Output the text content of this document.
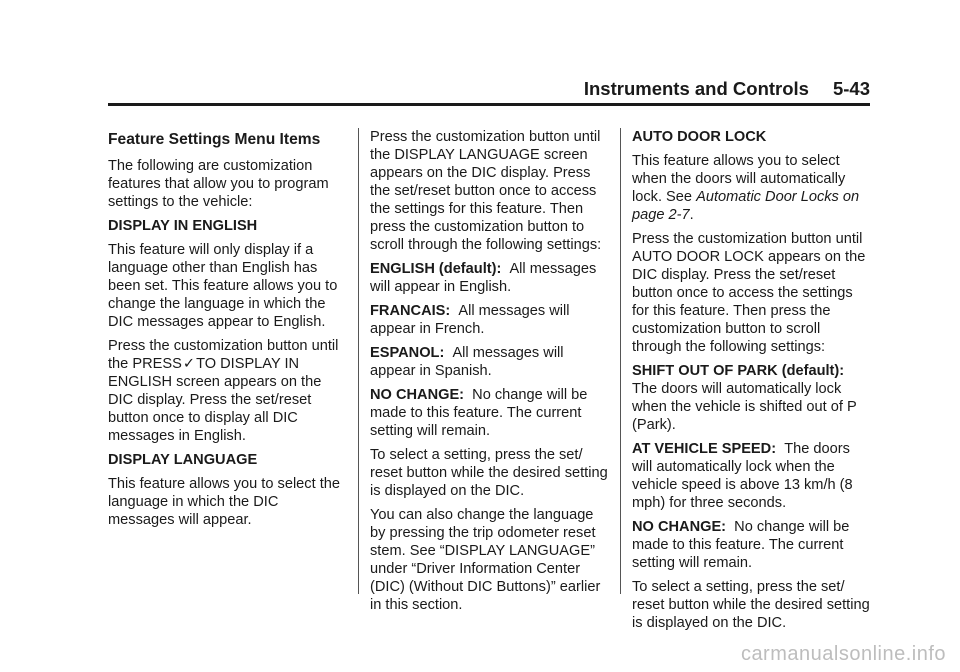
Instruments and Controls 5-43
Feature Settings Menu Items

The following are customization features that allow you to program settings to the vehicle:

DISPLAY IN ENGLISH

This feature will only display if a language other than English has been set. This feature allows you to change the language in which the DIC messages appear to English.

Press the customization button until the PRESS✓TO DISPLAY IN ENGLISH screen appears on the DIC display. Press the set/reset button once to display all DIC messages in English.

DISPLAY LANGUAGE

This feature allows you to select the language in which the DIC messages will appear.

Press the customization button until the DISPLAY LANGUAGE screen appears on the DIC display. Press the set/reset button once to access the settings for this feature. Then press the customization button to scroll through the following settings:

ENGLISH (default): All messages will appear in English.

FRANCAIS: All messages will appear in French.

ESPANOL: All messages will appear in Spanish.

NO CHANGE: No change will be made to this feature. The current setting will remain.

To select a setting, press the set/ reset button while the desired setting is displayed on the DIC.

You can also change the language by pressing the trip odometer reset stem. See “DISPLAY LANGUAGE” under “Driver Information Center (DIC) (Without DIC Buttons)” earlier in this section.

AUTO DOOR LOCK

This feature allows you to select when the doors will automatically lock. See Automatic Door Locks on page 2‑7.

Press the customization button until AUTO DOOR LOCK appears on the DIC display. Press the set/reset button once to access the settings for this feature. Then press the customization button to scroll through the following settings:

SHIFT OUT OF PARK (default):
The doors will automatically lock when the vehicle is shifted out of P (Park).

AT VEHICLE SPEED: The doors will automatically lock when the vehicle speed is above 13 km/h (8 mph) for three seconds.

NO CHANGE: No change will be made to this feature. The current setting will remain.

To select a setting, press the set/ reset button while the desired setting is displayed on the DIC.

carmanualsonline.info
